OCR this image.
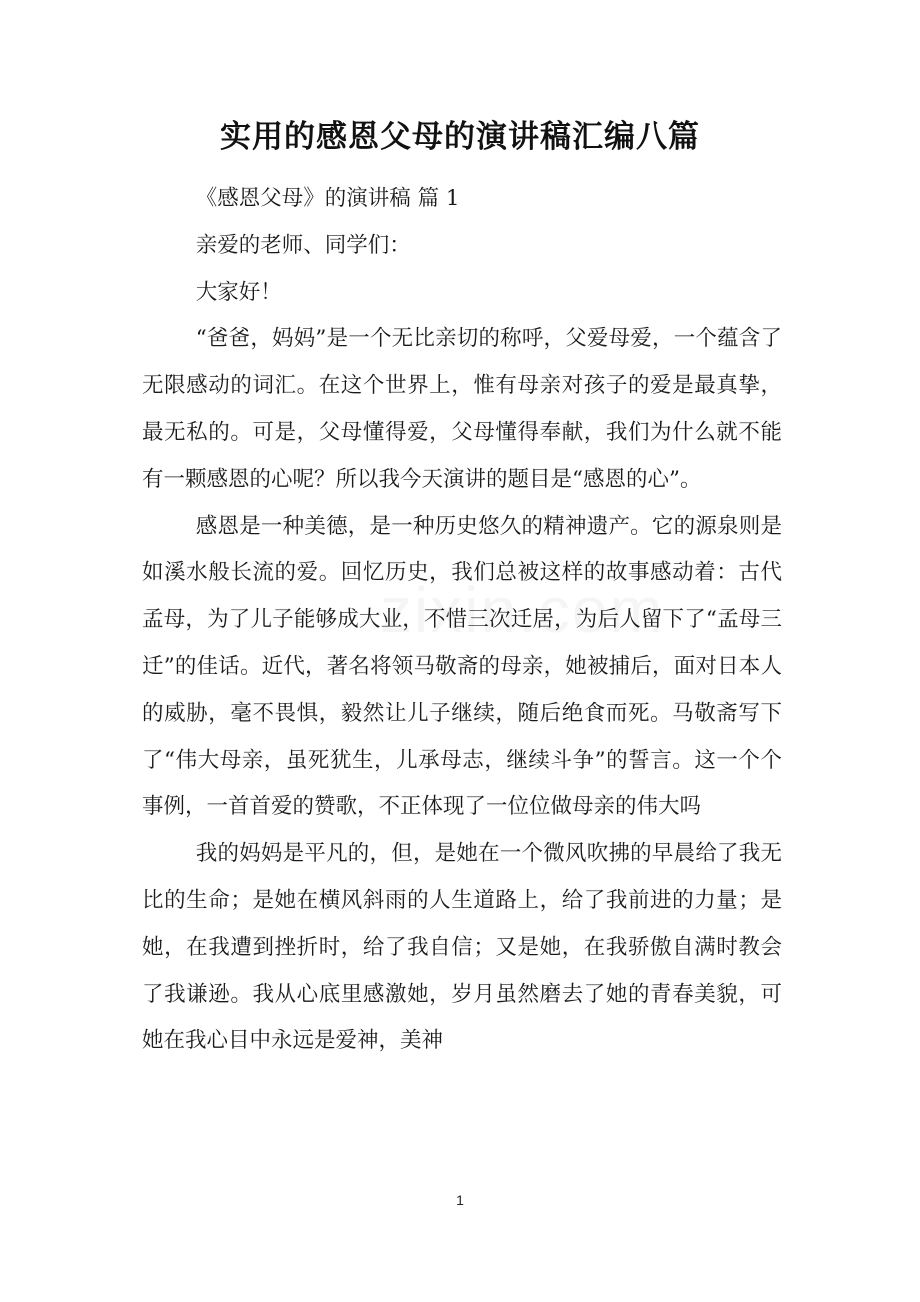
实用的感恩父母的演讲稿汇编八篇

《感恩父母》的演讲稿 篇 1

亲爱的老师、同学们：

大家好！

“爸爸，妈妈”是一个无比亲切的称呼，父爱母爱，一个蕴含了无限感动的词汇。在这个世界上，惟有母亲对孩子的爱是最真挚，最无私的。可是，父母懂得爱，父母懂得奉献，我们为什么就不能有一颗感恩的心呢？所以我今天演讲的题目是“感恩的心”。

感恩是一种美德，是一种历史悠久的精神遗产。它的源泉则是如溪水般长流的爱。回忆历史，我们总被这样的故事感动着：古代孟母，为了儿子能够成大业，不惜三次迁居，为后人留下了“孟母三迁”的佳话。近代，著名将领马敬斋的母亲，她被捕后，面对日本人的威胁，毫不畏惧，毅然让儿子继续，随后绝食而死。马敬斋写下了“伟大母亲，虽死犹生，儿承母志，继续斗争”的誓言。这一个个事例，一首首爱的赞歌，不正体现了一位位做母亲的伟大吗

我的妈妈是平凡的，但，是她在一个微风吹拂的早晨给了我无比的生命；是她在横风斜雨的人生道路上，给了我前进的力量；是她，在我遭到挫折时，给了我自信；又是她，在我骄傲自满时教会了我谦逊。我从心底里感激她，岁月虽然磨去了她的青春美貌，可她在我心目中永远是爱神，美神

1
